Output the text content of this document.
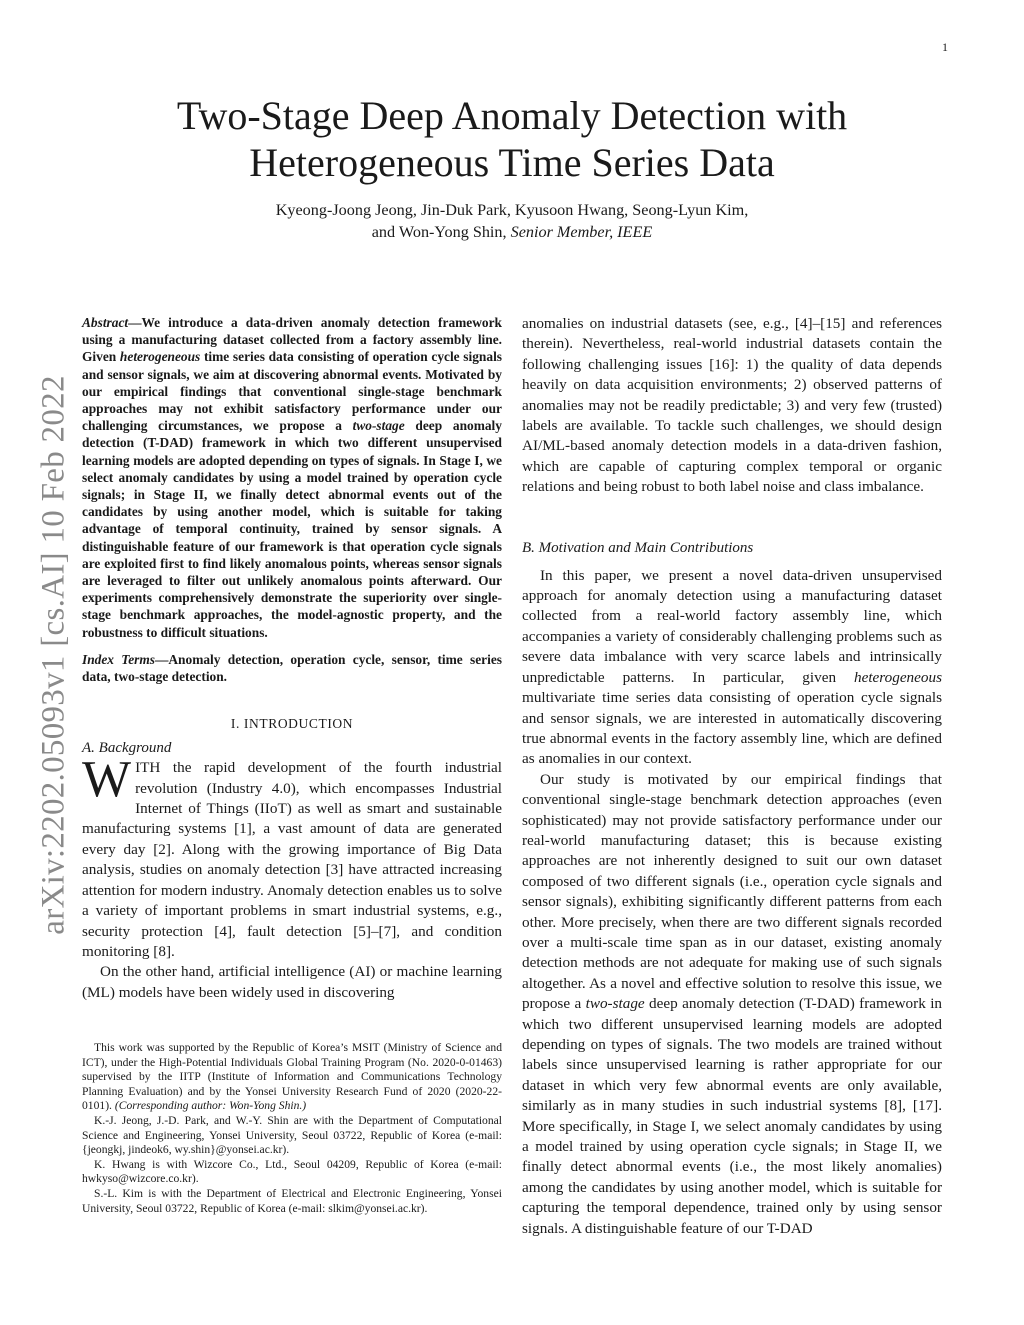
1
arXiv:2202.05093v1 [cs.AI] 10 Feb 2022
Two-Stage Deep Anomaly Detection with
Heterogeneous Time Series Data
Kyeong-Joong Jeong, Jin-Duk Park, Kyusoon Hwang, Seong-Lyun Kim,
and Won-Yong Shin, Senior Member, IEEE

Abstract—We introduce a data-driven anomaly detection framework using a manufacturing dataset collected from a factory assembly line. Given heterogeneous time series data consisting of operation cycle signals and sensor signals, we aim at discovering abnormal events. Motivated by our empirical findings that conventional single-stage benchmark approaches may not exhibit satisfactory performance under our challenging circumstances, we propose a two-stage deep anomaly detection (T-DAD) framework in which two different unsupervised learning models are adopted depending on types of signals. In Stage I, we select anomaly candidates by using a model trained by operation cycle signals; in Stage II, we finally detect abnormal events out of the candidates by using another model, which is suitable for taking advantage of temporal continuity, trained by sensor signals. A distinguishable feature of our framework is that operation cycle signals are exploited first to find likely anomalous points, whereas sensor signals are leveraged to filter out unlikely anomalous points afterward. Our experiments comprehensively demonstrate the superiority over single-stage benchmark approaches, the model-agnostic property, and the robustness to difficult situations.

Index Terms—Anomaly detection, operation cycle, sensor, time series data, two-stage detection.

I. INTRODUCTION
A. Background

WITH the rapid development of the fourth industrial revolution (Industry 4.0), which encompasses Industrial Internet of Things (IIoT) as well as smart and sustainable manufacturing systems [1], a vast amount of data are generated every day [2]. Along with the growing importance of Big Data analysis, studies on anomaly detection [3] have attracted increasing attention for modern industry. Anomaly detection enables us to solve a variety of important problems in smart industrial systems, e.g., security protection [4], fault detection [5]–[7], and condition monitoring [8].

On the other hand, artificial intelligence (AI) or machine learning (ML) models have been widely used in discovering

This work was supported by the Republic of Korea’s MSIT (Ministry of Science and ICT), under the High-Potential Individuals Global Training Program (No. 2020-0-01463) supervised by the IITP (Institute of Information and Communications Technology Planning Evaluation) and by the Yonsei University Research Fund of 2020 (2020-22-0101). (Corresponding author: Won-Yong Shin.)

K.-J. Jeong, J.-D. Park, and W.-Y. Shin are with the Department of Computational Science and Engineering, Yonsei University, Seoul 03722, Republic of Korea (e-mail: {jeongkj, jindeok6, wy.shin}@yonsei.ac.kr).

K. Hwang is with Wizcore Co., Ltd., Seoul 04209, Republic of Korea (e-mail: hwkyso@wizcore.co.kr).

S.-L. Kim is with the Department of Electrical and Electronic Engineering, Yonsei University, Seoul 03722, Republic of Korea (e-mail: slkim@yonsei.ac.kr).

anomalies on industrial datasets (see, e.g., [4]–[15] and references therein). Nevertheless, real-world industrial datasets contain the following challenging issues [16]: 1) the quality of data depends heavily on data acquisition environments; 2) observed patterns of anomalies may not be readily predictable; 3) and very few (trusted) labels are available. To tackle such challenges, we should design AI/ML-based anomaly detection models in a data-driven fashion, which are capable of capturing complex temporal or organic relations and being robust to both label noise and class imbalance.

B. Motivation and Main Contributions

In this paper, we present a novel data-driven unsupervised approach for anomaly detection using a manufacturing dataset collected from a real-world factory assembly line, which accompanies a variety of considerably challenging problems such as severe data imbalance with very scarce labels and intrinsically unpredictable patterns. In particular, given heterogeneous multivariate time series data consisting of operation cycle signals and sensor signals, we are interested in automatically discovering true abnormal events in the factory assembly line, which are defined as anomalies in our context.

Our study is motivated by our empirical findings that conventional single-stage benchmark detection approaches (even sophisticated) may not provide satisfactory performance under our real-world manufacturing dataset; this is because existing approaches are not inherently designed to suit our own dataset composed of two different signals (i.e., operation cycle signals and sensor signals), exhibiting significantly different patterns from each other. More precisely, when there are two different signals recorded over a multi-scale time span as in our dataset, existing anomaly detection methods are not adequate for making use of such signals altogether. As a novel and effective solution to resolve this issue, we propose a two-stage deep anomaly detection (T-DAD) framework in which two different unsupervised learning models are adopted depending on types of signals. The two models are trained without labels since unsupervised learning is rather appropriate for our dataset in which very few abnormal events are only available, similarly as in many studies in such industrial systems [8], [17]. More specifically, in Stage I, we select anomaly candidates by using a model trained by using operation cycle signals; in Stage II, we finally detect abnormal events (i.e., the most likely anomalies) among the candidates by using another model, which is suitable for capturing the temporal dependence, trained only by using sensor signals. A distinguishable feature of our T-DAD
